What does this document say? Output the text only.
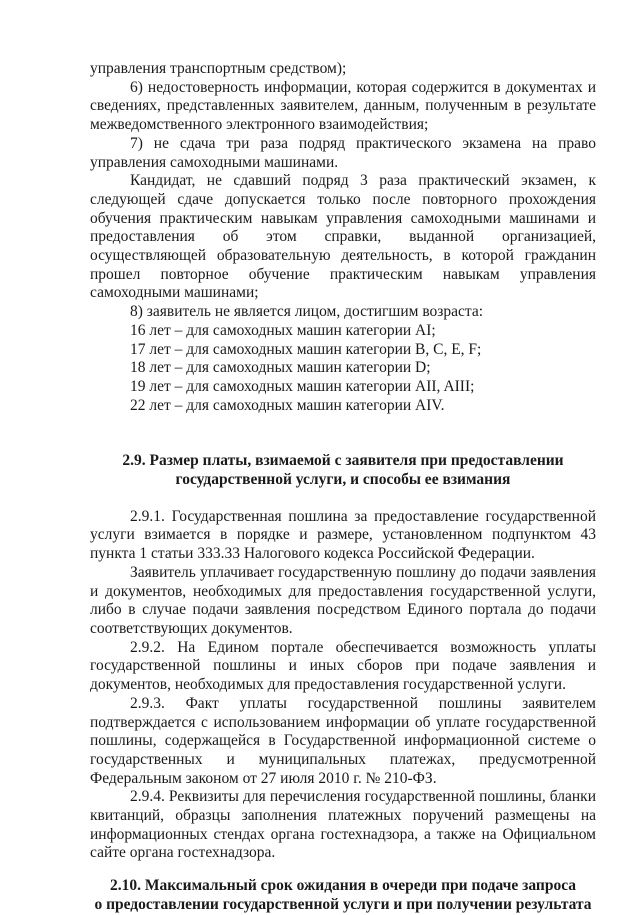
управления транспортным средством);

6) недостоверность информации, которая содержится в документах и сведениях, представленных заявителем, данным, полученным в результате межведомственного электронного взаимодействия;

7) не сдача три раза подряд практического экзамена на право управления самоходными машинами.

Кандидат, не сдавший подряд 3 раза практический экзамен, к следующей сдаче допускается только после повторного прохождения обучения практическим навыкам управления самоходными машинами и предоставления об этом справки, выданной организацией, осуществляющей образовательную деятельность, в которой гражданин прошел повторное обучение практическим навыкам управления самоходными машинами;

8) заявитель не является лицом, достигшим возраста:

16 лет – для самоходных машин категории AI;

17 лет – для самоходных машин категории B, C, E, F;

18 лет – для самоходных машин категории D;

19 лет – для самоходных машин категории AII, AIII;

22 лет – для самоходных машин категории AIV.

2.9. Размер платы, взимаемой с заявителя при предоставлении

государственной услуги, и способы ее взимания

2.9.1. Государственная пошлина за предоставление государственной услуги взимается в порядке и размере, установленном подпунктом 43 пункта 1 статьи 333.33 Налогового кодекса Российской Федерации.

Заявитель уплачивает государственную пошлину до подачи заявления и документов, необходимых для предоставления государственной услуги, либо в случае подачи заявления посредством Единого портала до подачи соответствующих документов.

2.9.2. На Едином портале обеспечивается возможность уплаты государственной пошлины и иных сборов при подаче заявления и документов, необходимых для предоставления государственной услуги.

2.9.3. Факт уплаты государственной пошлины заявителем подтверждается с использованием информации об уплате государственной пошлины, содержащейся в Государственной информационной системе о государственных и муниципальных платежах, предусмотренной Федеральным законом от 27 июля 2010 г. № 210-ФЗ.

2.9.4. Реквизиты для перечисления государственной пошлины, бланки квитанций, образцы заполнения платежных поручений размещены на информационных стендах органа гостехнадзора, а также на Официальном сайте органа гостехнадзора.

2.10. Максимальный срок ожидания в очереди при подаче запроса

о предоставлении государственной услуги и при получении результата
